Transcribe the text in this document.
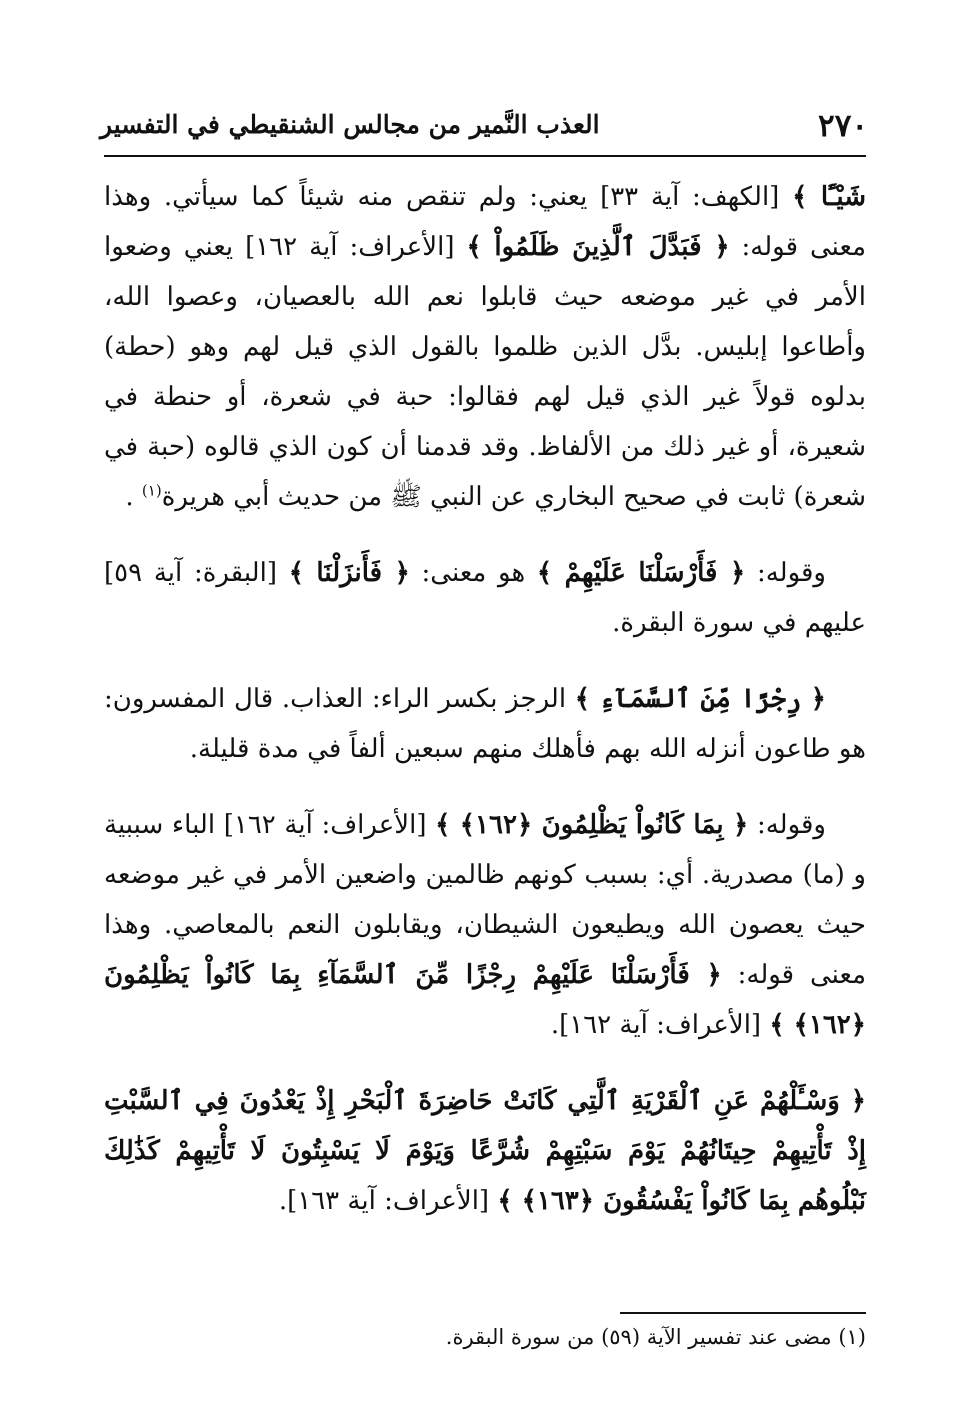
٢٧٠
العذب النَّمير من مجالس الشنقيطي في التفسير

شَيْـًٔا ﴾ [الكهف: آية ٣٣] يعني: ولم تنقص منه شيئاً كما سيأتي. وهذا معنى قوله: ﴿ فَبَدَّلَ ٱلَّذِينَ ظَلَمُواْ ﴾ [الأعراف: آية ١٦٢] يعني وضعوا الأمر في غير موضعه حيث قابلوا نعم الله بالعصيان، وعصوا الله، وأطاعوا إبليس. بدَّل الذين ظلموا بالقول الذي قيل لهم وهو (حطة) بدلوه قولاً غير الذي قيل لهم فقالوا: حبة في شعرة، أو حنطة في شعيرة، أو غير ذلك من الألفاظ. وقد قدمنا أن كون الذي قالوه (حبة في شعرة) ثابت في صحيح البخاري عن النبي ﷺ من حديث أبي هريرة$^{(١)}$ .

وقوله: ﴿ فَأَرْسَلْنَا عَلَيْهِمْ ﴾ هو معنى: ﴿ فَأَنزَلْنَا ﴾ [البقرة: آية ٥٩] عليهم في سورة البقرة.

﴿ رِجْزًا مِّنَ ٱلسَّمَآءِ ﴾ الرجز بكسر الراء: العذاب. قال المفسرون: هو طاعون أنزله الله بهم فأهلك منهم سبعين ألفاً في مدة قليلة.

وقوله: ﴿ بِمَا كَانُواْ يَظْلِمُونَ ﴿١٦٢﴾ ﴾ [الأعراف: آية ١٦٢] الباء سببية و (ما) مصدرية. أي: بسبب كونهم ظالمين واضعين الأمر في غير موضعه حيث يعصون الله ويطيعون الشيطان، ويقابلون النعم بالمعاصي. وهذا معنى قوله: ﴿ فَأَرْسَلْنَا عَلَيْهِمْ رِجْزًا مِّنَ ٱلسَّمَآءِ بِمَا كَانُواْ يَظْلِمُونَ ﴿١٦٢﴾ ﴾ [الأعراف: آية ١٦٢].

﴿ وَسْـَٔلْهُمْ عَنِ ٱلْقَرْيَةِ ٱلَّتِي كَانَتْ حَاضِرَةَ ٱلْبَحْرِ إِذْ يَعْدُونَ فِي ٱلسَّبْتِ إِذْ تَأْتِيهِمْ حِيتَانُهُمْ يَوْمَ سَبْتِهِمْ شُرَّعًا وَيَوْمَ لَا يَسْبِتُونَ لَا تَأْتِيهِمْ كَذَٰلِكَ نَبْلُوهُم بِمَا كَانُواْ يَفْسُقُونَ ﴿١٦٣﴾ ﴾ [الأعراف: آية ١٦٣].

(١) مضى عند تفسير الآية (٥٩) من سورة البقرة.
